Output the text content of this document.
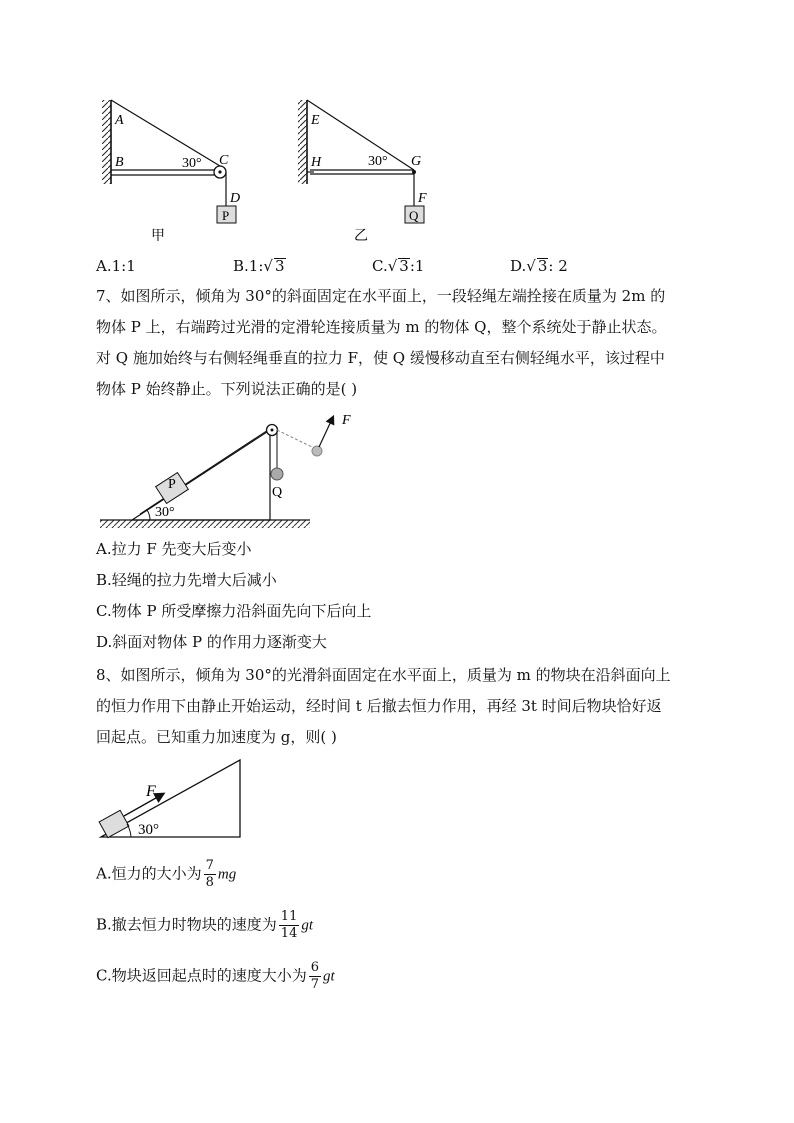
A
B	C
D
30°
P
甲
E
H	G
F
30°
Q
乙
A.1:1	B.1:√ 3	C.√ 3:1	D.√ 3: 2
7、如图所示，倾角为 30°的斜面固定在水平面上，一段轻绳左端拴接在质量为 2m 的
物体 P 上，右端跨过光滑的定滑轮连接质量为 m 的物体 Q，整个系统处于静止状态。
对 Q 施加始终与右侧轻绳垂直的拉力 F，使 Q 缓慢移动直至右侧轻绳水平，该过程中
物体 P 始终静止。下列说法正确的是( )
P
Q
F
30°
A.拉力 F 先变大后变小
B.轻绳的拉力先增大后减小
C.物体 P 所受摩擦力沿斜面先向下后向上
D.斜面对物体 P 的作用力逐渐变大
8、如图所示，倾角为 30°的光滑斜面固定在水平面上，质量为 m 的物块在沿斜面向上
的恒力作用下由静止开始运动，经时间 t 后撤去恒力作用，再经 3t 时间后物块恰好返
回起点。已知重力加速度为 g，则( )
F
30°
A.恒力的大小为 $\frac{7}{8}$ mg
B.撤去恒力时物块的速度为 $\frac{11}{14}$ gt
C.物块返回起点时的速度大小为 $\frac{6}{7}$ gt
